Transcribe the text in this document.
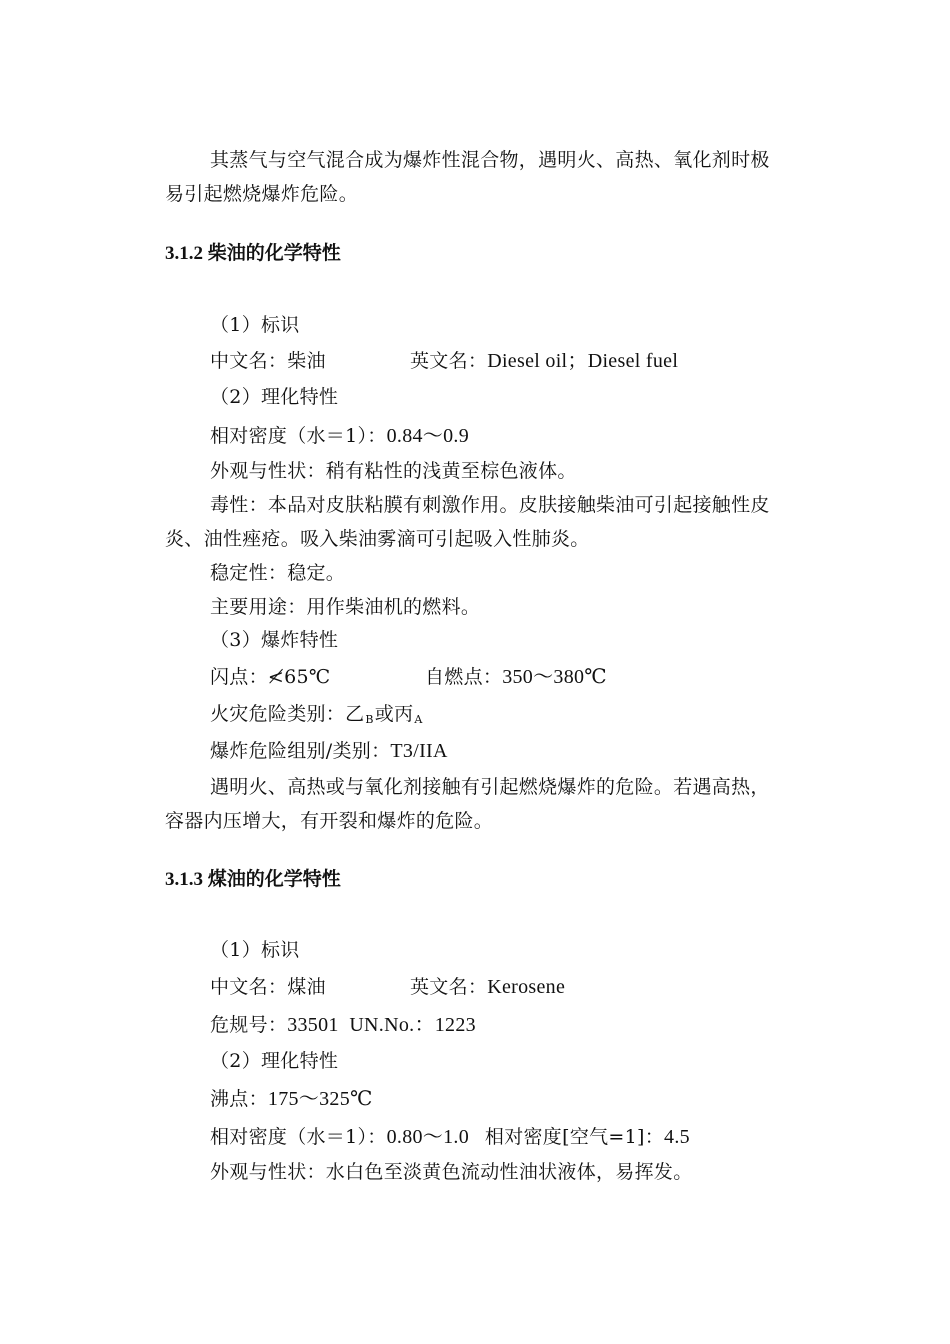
其蒸气与空气混合成为爆炸性混合物，遇明火、高热、氧化剂时极

易引起燃烧爆炸危险。

3.1.2 柴油的化学特性

（1）标识

中文名：柴油	英文名：Diesel oil；Diesel fuel

（2）理化特性

相对密度（水＝1）：0.84～0.9

外观与性状：稍有粘性的浅黄至棕色液体。

毒性：本品对皮肤粘膜有刺激作用。皮肤接触柴油可引起接触性皮

炎、油性痤疮。吸入柴油雾滴可引起吸入性肺炎。

稳定性：稳定。

主要用途：用作柴油机的燃料。

（3）爆炸特性

闪点：≮65℃	自燃点：350～380℃

火灾危险类别：乙$_B$或丙$_A$

爆炸危险组别/类别：T3/IIA

遇明火、高热或与氧化剂接触有引起燃烧爆炸的危险。若遇高热，

容器内压增大，有开裂和爆炸的危险。

3.1.3 煤油的化学特性

（1）标识

中文名：煤油	英文名：Kerosene

危规号：33501 UN.No.：1223

（2）理化特性

沸点：175～325℃

相对密度（水＝1）：0.80～1.0 相对密度[空气=1]：4.5

外观与性状：水白色至淡黄色流动性油状液体，易挥发。
